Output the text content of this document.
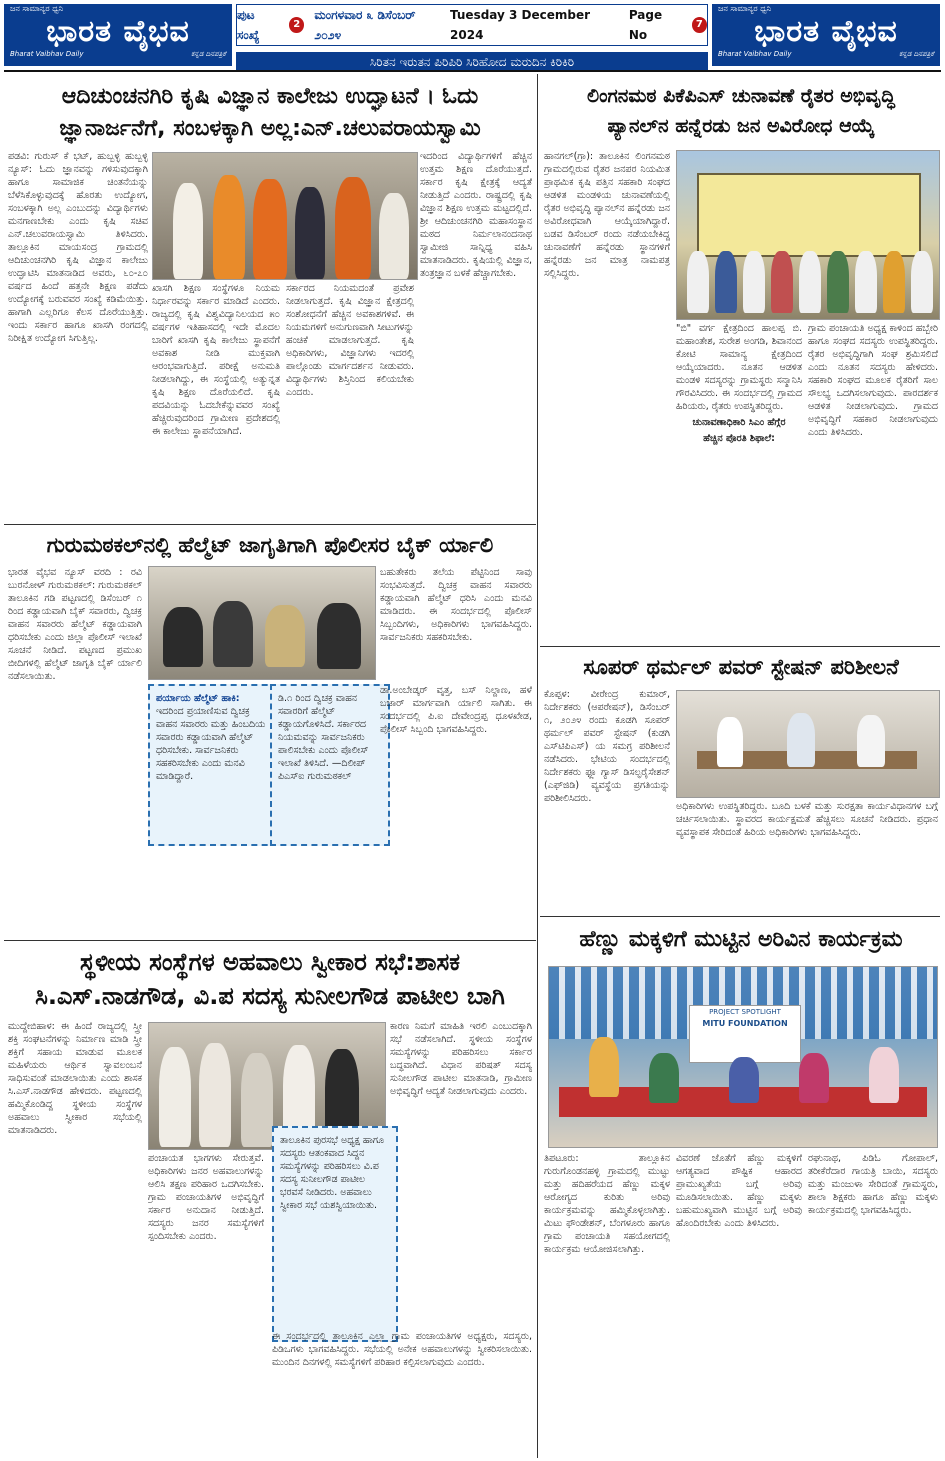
ಜನ ಸಾಮಾನ್ಯರ ಧ್ವನಿ
ಭಾರತ ವೈಭವ
Bharat Vaibhav Daily	ಕನ್ನಡ ದಿನಪತ್ರಿಕೆ
ಪುಟ ಸಂಖ್ಯೆ
2
ಮಂಗಳವಾರ ೩ ಡಿಸೆಂಬರ್ ೨೦೨೪
Tuesday 3 December 2024
Page No
7
ಸಿರಿತನ ಇರುತನ ಪಿರಿಪಿರಿ ಸಿರಿಹೋದ ಮರುದಿನ ಕಿರಿಕಿರಿ
ಜನ ಸಾಮಾನ್ಯರ ಧ್ವನಿ
ಭಾರತ ವೈಭವ
Bharat Vaibhav Daily	ಕನ್ನಡ ದಿನಪತ್ರಿಕೆ
ಆದಿಚುಂಚನಗಿರಿ ಕೃಷಿ ವಿಜ್ಞಾನ ಕಾಲೇಜು ಉದ್ಘಾಟನೆ । ಓದು
ಜ್ಞಾನಾರ್ಜನೆಗೆ, ಸಂಬಳಕ್ಕಾಗಿ ಅಲ್ಲ:ಎನ್.ಚಲುವರಾಯಸ್ವಾಮಿ

ಪಡವಿ: ಗುರುಸ್ ಕೆ ಭಟ್, ಹುಬ್ಬಳ್ಳಿ ಹುಬ್ಬಳ್ಳಿ ನ್ಯೂಸ್: ಓದು ಜ್ಞಾನವನ್ನು ಗಳಿಸುವುದಕ್ಕಾಗಿ ಹಾಗೂ ಸಾಮಾಜಿಕ ಚಿಂತನೆಯನ್ನು ಬೆಳೆಸಿಕೊಳ್ಳುವುದಕ್ಕೆ ಹೊರತು ಉದ್ಯೋಗ, ಸಂಬಳಕ್ಕಾಗಿ ಅಲ್ಲ ಎಂಬುದನ್ನು ವಿದ್ಯಾರ್ಥಿಗಳು ಮನಗಾಣಬೇಕು ಎಂದು ಕೃಷಿ ಸಚಿವ ಎನ್.ಚಲುವರಾಯಸ್ವಾಮಿ ತಿಳಿಸಿದರು. ತಾಲ್ಲೂಕಿನ ಮಾಯಸಂದ್ರ ಗ್ರಾಮದಲ್ಲಿ ಆದಿಚುಂಚನಗಿರಿ ಕೃಷಿ ವಿಜ್ಞಾನ ಕಾಲೇಜು ಉದ್ಘಾಟಿಸಿ ಮಾತನಾಡಿದ ಅವರು, ೬೦-೭೦ ವರ್ಷದ ಹಿಂದೆ ಹತ್ತನೇ ಶಿಕ್ಷಣ ಪಡೆದು ಉದ್ಯೋಗಕ್ಕೆ ಬರುವವರ ಸಂಖ್ಯೆ ಕಡಿಮೆಯಿತ್ತು. ಹಾಗಾಗಿ ಎಲ್ಲರಿಗೂ ಕೆಲಸ ದೊರೆಯುತ್ತಿತ್ತು. ಇಂದು ಸರ್ಕಾರ ಹಾಗೂ ಖಾಸಗಿ ರಂಗದಲ್ಲಿ ನಿರೀಕ್ಷಿತ ಉದ್ಯೋಗ ಸಿಗುತ್ತಿಲ್ಲ.

ಖಾಸಗಿ ಶಿಕ್ಷಣ ಸಂಸ್ಥೆಗಳೂ ನಿಯಮ ನಿರ್ಧಾರವನ್ನು ಸರ್ಕಾರ ಮಾಡಿದೆ ಎಂದರು. ರಾಜ್ಯದಲ್ಲಿ ಕೃಷಿ ವಿಶ್ವವಿದ್ಯಾನಿಲಯದ ೫೦ ವರ್ಷಗಳ ಇತಿಹಾಸದಲ್ಲಿ ಇದೇ ಮೊದಲ ಬಾರಿಗೆ ಖಾಸಗಿ ಕೃಷಿ ಕಾಲೇಜು ಸ್ಥಾಪನೆಗೆ ಅವಕಾಶ ನೀಡಿ ಮುಕ್ತವಾಗಿ ಆರಂಭವಾಗುತ್ತಿದೆ. ಪರೀಕ್ಷೆ ಅನುಮತಿ ನೀಡಲಾಗಿದ್ದು, ಈ ಸಂಸ್ಥೆಯಲ್ಲಿ ಅತ್ಯುನ್ನತ ಕೃಷಿ ಶಿಕ್ಷಣ ದೊರೆಯಲಿದೆ. ಕೃಷಿ ಪದವಿಯನ್ನು ಓದಬೇಕೆನ್ನುವವರ ಸಂಖ್ಯೆ ಹೆಚ್ಚಿರುವುದರಿಂದ ಗ್ರಾಮೀಣ ಪ್ರದೇಶದಲ್ಲಿ ಈ ಕಾಲೇಜು ಸ್ಥಾಪನೆಯಾಗಿದೆ.

ಸರ್ಕಾರದ ನಿಯಮದಂತೆ ಪ್ರವೇಶ ನೀಡಲಾಗುತ್ತದೆ. ಕೃಷಿ ವಿಜ್ಞಾನ ಕ್ಷೇತ್ರದಲ್ಲಿ ಸಂಶೋಧನೆಗೆ ಹೆಚ್ಚಿನ ಅವಕಾಶಗಳಿವೆ. ಈ ನಿಯಮಗಳಿಗೆ ಅನುಗುಣವಾಗಿ ಸೀಟುಗಳನ್ನು ಹಂಚಿಕೆ ಮಾಡಲಾಗುತ್ತದೆ. ಕೃಷಿ ಅಧಿಕಾರಿಗಳು, ವಿಜ್ಞಾನಿಗಳು ಇದರಲ್ಲಿ ಪಾಲ್ಗೊಂಡು ಮಾರ್ಗದರ್ಶನ ನೀಡುವರು. ವಿದ್ಯಾರ್ಥಿಗಳು ಶಿಸ್ತಿನಿಂದ ಕಲಿಯಬೇಕು ಎಂದರು.

ಇದರಿಂದ ವಿದ್ಯಾರ್ಥಿಗಳಿಗೆ ಹೆಚ್ಚಿನ ಉತ್ತಮ ಶಿಕ್ಷಣ ದೊರೆಯುತ್ತದೆ. ಸರ್ಕಾರ ಕೃಷಿ ಕ್ಷೇತ್ರಕ್ಕೆ ಆದ್ಯತೆ ನೀಡುತ್ತಿದೆ ಎಂದರು. ರಾಷ್ಟ್ರದಲ್ಲಿ ಕೃಷಿ ವಿಜ್ಞಾನ ಶಿಕ್ಷಣ ಉತ್ತಮ ಮಟ್ಟದಲ್ಲಿದೆ. ಶ್ರೀ ಆದಿಚುಂಚನಗಿರಿ ಮಹಾಸಂಸ್ಥಾನ ಮಠದ ನಿರ್ಮಲಾನಂದನಾಥ ಸ್ವಾಮೀಜಿ ಸಾನ್ನಿಧ್ಯ ವಹಿಸಿ ಮಾತನಾಡಿದರು. ಕೃಷಿಯಲ್ಲಿ ವಿಜ್ಞಾನ, ತಂತ್ರಜ್ಞಾನ ಬಳಕೆ ಹೆಚ್ಚಾಗಬೇಕು.

ಗುರುಮಠಕಲ್‌ನಲ್ಲಿ ಹೆಲ್ಮೆಟ್ ಜಾಗೃತಿಗಾಗಿ ಪೊಲೀಸರ ಬೈಕ್ ರ್ಯಾಲಿ

ಭಾರತ ವೈಭವ ನ್ಯೂಸ್ ವರದಿ : ರವಿ ಬುರನೋಳ್ ಗುರುಮಠಕಲ್: ಗುರುಮಠಕಲ್ ತಾಲೂಕಿನ ಗಡಿ ಪಟ್ಟಣದಲ್ಲಿ ಡಿಸೆಂಬರ್ ೧ ರಿಂದ ಕಡ್ಡಾಯವಾಗಿ ಬೈಕ್ ಸವಾರರು, ದ್ವಿಚಕ್ರ ವಾಹನ ಸವಾರರು ಹೆಲ್ಮೆಟ್ ಕಡ್ಡಾಯವಾಗಿ ಧರಿಸಬೇಕು ಎಂದು ಜಿಲ್ಲಾ ಪೊಲೀಸ್ ಇಲಾಖೆ ಸೂಚನೆ ನೀಡಿದೆ. ಪಟ್ಟಣದ ಪ್ರಮುಖ ಬೀದಿಗಳಲ್ಲಿ ಹೆಲ್ಮೆಟ್ ಜಾಗೃತಿ ಬೈಕ್ ರ್ಯಾಲಿ ನಡೆಸಲಾಯಿತು.

ಬಹುತೇಕರು ತಲೆಯ ಪೆಟ್ಟಿನಿಂದ ಸಾವು ಸಂಭವಿಸುತ್ತದೆ. ದ್ವಿಚಕ್ರ ವಾಹನ ಸವಾರರು ಕಡ್ಡಾಯವಾಗಿ ಹೆಲ್ಮೆಟ್ ಧರಿಸಿ ಎಂದು ಮನವಿ ಮಾಡಿದರು. ಈ ಸಂದರ್ಭದಲ್ಲಿ ಪೊಲೀಸ್ ಸಿಬ್ಬಂದಿಗಳು, ಅಧಿಕಾರಿಗಳು ಭಾಗವಹಿಸಿದ್ದರು. ಸಾರ್ವಜನಿಕರು ಸಹಕರಿಸಬೇಕು.

ಪರ್ಯಾಯ ಹೆಲ್ಮೆಟ್ ಹಾಕಿ: ಇದರಿಂದ ಪ್ರಯಾಣಿಸುವ ದ್ವಿಚಕ್ರ ವಾಹನ ಸವಾರರು ಮತ್ತು ಹಿಂಬದಿಯ ಸವಾರರು ಕಡ್ಡಾಯವಾಗಿ ಹೆಲ್ಮೆಟ್ ಧರಿಸಬೇಕು. ಸಾರ್ವಜನಿಕರು ಸಹಕರಿಸಬೇಕು ಎಂದು ಮನವಿ ಮಾಡಿದ್ದಾರೆ.
ಡಿ.೧ ರಿಂದ ದ್ವಿಚಕ್ರ ವಾಹನ ಸವಾರರಿಗೆ ಹೆಲ್ಮೆಟ್ ಕಡ್ಡಾಯಗೊಳಿಸಿದೆ. ಸರ್ಕಾರದ ನಿಯಮವನ್ನು ಸಾರ್ವಜನಿಕರು ಪಾಲಿಸಬೇಕು ಎಂದು ಪೊಲೀಸ್ ಇಲಾಖೆ ತಿಳಿಸಿದೆ. —ದಿಲೀಪ್ ಪಿಎಸ್ಐ ಗುರುಮಠಕಲ್

ಡಾ.ಅಂಬೇಡ್ಕರ್ ವೃತ್ತ, ಬಸ್ ನಿಲ್ದಾಣ, ಹಳೆ ಬಜಾರ್ ಮಾರ್ಗವಾಗಿ ರ್ಯಾಲಿ ಸಾಗಿತು. ಈ ಸಂದರ್ಭದಲ್ಲಿ ಪಿ.ಐ ದೇವೇಂದ್ರಪ್ಪ ಧೂಳಖೇಡ, ಪೊಲೀಸ್ ಸಿಬ್ಬಂದಿ ಭಾಗವಹಿಸಿದ್ದರು.

ಸ್ಥಳೀಯ ಸಂಸ್ಥೆಗಳ ಅಹವಾಲು ಸ್ವೀಕಾರ ಸಭೆ:ಶಾಸಕ
ಸಿ.ಎಸ್.ನಾಡಗೌಡ, ವಿ.ಪ ಸದಸ್ಯ ಸುನೀಲಗೌಡ ಪಾಟೀಲ ಬಾಗಿ

ಮುದ್ದೇಬಿಹಾಳ: ಈ ಹಿಂದೆ ರಾಜ್ಯದಲ್ಲಿ ಸ್ತ್ರೀ ಶಕ್ತಿ ಸಂಘಟನೆಗಳನ್ನು ನಿರ್ಮಾಣ ಮಾಡಿ ಸ್ತ್ರೀ ಶಕ್ತಿಗೆ ಸಹಾಯ ಮಾಡುವ ಮೂಲಕ ಮಹಿಳೆಯರು ಆರ್ಥಿಕ ಸ್ವಾವಲಂಬನೆ ಸಾಧಿಸುವಂತೆ ಮಾಡಲಾಯಿತು ಎಂದು ಶಾಸಕ ಸಿ.ಎಸ್.ನಾಡಗೌಡ ಹೇಳಿದರು. ಪಟ್ಟಣದಲ್ಲಿ ಹಮ್ಮಿಕೊಂಡಿದ್ದ ಸ್ಥಳೀಯ ಸಂಸ್ಥೆಗಳ ಅಹವಾಲು ಸ್ವೀಕಾರ ಸಭೆಯಲ್ಲಿ ಮಾತನಾಡಿದರು.

ಪಂಚಾಯತ ಭಾಗಗಳು ಸೇರುತ್ತವೆ. ಅಧಿಕಾರಿಗಳು ಜನರ ಅಹವಾಲುಗಳನ್ನು ಆಲಿಸಿ ತಕ್ಷಣ ಪರಿಹಾರ ಒದಗಿಸಬೇಕು. ಗ್ರಾಮ ಪಂಚಾಯತಿಗಳ ಅಭಿವೃದ್ಧಿಗೆ ಸರ್ಕಾರ ಅನುದಾನ ನೀಡುತ್ತಿದೆ. ಸದಸ್ಯರು ಜನರ ಸಮಸ್ಯೆಗಳಿಗೆ ಸ್ಪಂದಿಸಬೇಕು ಎಂದರು.

ತಾಲೂಕಿನ ಪುರಸಭೆ ಅಧ್ಯಕ್ಷ ಹಾಗೂ ಸದಸ್ಯರು ಆತಂಕವಾದ ಸಿದ್ದನ ಸಮಸ್ಯೆಗಳನ್ನು ಪರಿಹರಿಸಲು ವಿ.ಪ ಸದಸ್ಯ ಸುನೀಲಗೌಡ ಪಾಟೀಲ ಭರವಸೆ ನೀಡಿದರು. ಅಹವಾಲು ಸ್ವೀಕಾರ ಸಭೆ ಯಶಸ್ವಿಯಾಯಿತು.

ಕಾರಣ ನಿಮಗೆ ಮಾಹಿತಿ ಇರಲಿ ಎಂಬುದಕ್ಕಾಗಿ ಸಭೆ ನಡೆಸಲಾಗಿದೆ. ಸ್ಥಳೀಯ ಸಂಸ್ಥೆಗಳ ಸಮಸ್ಯೆಗಳನ್ನು ಪರಿಹರಿಸಲು ಸರ್ಕಾರ ಬದ್ಧವಾಗಿದೆ. ವಿಧಾನ ಪರಿಷತ್ ಸದಸ್ಯ ಸುನೀಲಗೌಡ ಪಾಟೀಲ ಮಾತನಾಡಿ, ಗ್ರಾಮೀಣ ಅಭಿವೃದ್ಧಿಗೆ ಆದ್ಯತೆ ನೀಡಲಾಗುವುದು ಎಂದರು.

ಈ ಸಂದರ್ಭದಲ್ಲಿ ತಾಲೂಕಿನ ಎಲ್ಲಾ ಗ್ರಾಮ ಪಂಚಾಯತಿಗಳ ಅಧ್ಯಕ್ಷರು, ಸದಸ್ಯರು, ಪಿಡಿಒಗಳು ಭಾಗವಹಿಸಿದ್ದರು. ಸಭೆಯಲ್ಲಿ ಅನೇಕ ಅಹವಾಲುಗಳನ್ನು ಸ್ವೀಕರಿಸಲಾಯಿತು. ಮುಂದಿನ ದಿನಗಳಲ್ಲಿ ಸಮಸ್ಯೆಗಳಿಗೆ ಪರಿಹಾರ ಕಲ್ಪಿಸಲಾಗುವುದು ಎಂದರು.

ಲಿಂಗನಮಠ ಪಿಕೆಪಿಎಸ್ ಚುನಾವಣೆ ರೈತರ ಅಭಿವೃದ್ಧಿ
ಪ್ಯಾನಲ್‌ನ ಹನ್ನೆರಡು ಜನ ಅವಿರೋಧ ಆಯ್ಕೆ

ಹಾನಗಲ್(ಗ್ರಾ): ತಾಲೂಕಿನ ಲಿಂಗನಮಠ ಗ್ರಾಮದಲ್ಲಿರುವ ರೈತರ ಜನಪರ ನಿಯಮಿತ ಪ್ರಾಥಮಿಕ ಕೃಷಿ ಪತ್ತಿನ ಸಹಕಾರಿ ಸಂಘದ ಆಡಳಿತ ಮಂಡಳಿಯ ಚುನಾವಣೆಯಲ್ಲಿ ರೈತರ ಅಭಿವೃದ್ಧಿ ಪ್ಯಾನಲ್‌ನ ಹನ್ನೆರಡು ಜನ ಅವಿರೋಧವಾಗಿ ಆಯ್ಕೆಯಾಗಿದ್ದಾರೆ. ಬಡವ ಡಿಸೆಂಬರ್ ರಂದು ನಡೆಯಬೇಕಿದ್ದ ಚುನಾವಣೆಗೆ ಹನ್ನೆರಡು ಸ್ಥಾನಗಳಿಗೆ ಹನ್ನೆರಡು ಜನ ಮಾತ್ರ ನಾಮಪತ್ರ ಸಲ್ಲಿಸಿದ್ದರು.

"ಬಿ" ವರ್ಗ ಕ್ಷೇತ್ರದಿಂದ ಹಾಲಪ್ಪ ಬಿ. ಮಹಾಂತೇಶ, ಸುರೇಶ ಅಂಗಡಿ, ಶಿವಾನಂದ ಕೋಟಿ ಸಾಮಾನ್ಯ ಕ್ಷೇತ್ರದಿಂದ ಆಯ್ಕೆಯಾದರು. ನೂತನ ಆಡಳಿತ ಮಂಡಳಿ ಸದಸ್ಯರನ್ನು ಗ್ರಾಮಸ್ಥರು ಸನ್ಮಾನಿಸಿ ಗೌರವಿಸಿದರು. ಈ ಸಂದರ್ಭದಲ್ಲಿ ಗ್ರಾಮದ ಹಿರಿಯರು, ರೈತರು ಉಪಸ್ಥಿತರಿದ್ದರು.

ಚುನಾವಣಾಧಿಕಾರಿ ಸಿಎಂ ಹೆಗ್ಗೆರ

ಹೆಚ್ಚಿನ ಪೊರತಿ ಶಿಫಾಲೆ:

ಗ್ರಾಮ ಪಂಚಾಯತಿ ಅಧ್ಯಕ್ಷ ಕಾಳಿಂದ ಹಬ್ಬೇರಿ ಹಾಗೂ ಸಂಘದ ಸದಸ್ಯರು ಉಪಸ್ಥಿತರಿದ್ದರು. ರೈತರ ಅಭಿವೃದ್ಧಿಗಾಗಿ ಸಂಘ ಶ್ರಮಿಸಲಿದೆ ಎಂದು ನೂತನ ಸದಸ್ಯರು ಹೇಳಿದರು. ಸಹಕಾರಿ ಸಂಘದ ಮೂಲಕ ರೈತರಿಗೆ ಸಾಲ ಸೌಲಭ್ಯ ಒದಗಿಸಲಾಗುವುದು. ಪಾರದರ್ಶಕ ಆಡಳಿತ ನೀಡಲಾಗುವುದು. ಗ್ರಾಮದ ಅಭಿವೃದ್ಧಿಗೆ ಸಹಕಾರ ನೀಡಲಾಗುವುದು ಎಂದು ತಿಳಿಸಿದರು.

ಸೂಪರ್ ಥರ್ಮಲ್ ಪವರ್ ಸ್ಟೇಷನ್ ಪರಿಶೀಲನೆ

ಕೊಪ್ಪಳ: ವೀರೇಂದ್ರ ಕುಮಾರ್, ನಿರ್ದೇಶಕರು (ಆಪರೇಷನ್), ಡಿಸೆಂಬರ್ ೧, ೨೦೨೪ ರಂದು ಕೂಡಗಿ ಸೂಪರ್ ಥರ್ಮಲ್ ಪವರ್ ಸ್ಟೇಷನ್ (ಕುಡಗಿ ಎಸ್‌ಟಿಪಿಎಸ್) ಯ ಸಮಗ್ರ ಪರಿಶೀಲನೆ ನಡೆಸಿದರು. ಭೇಟಿಯ ಸಂದರ್ಭದಲ್ಲಿ ನಿರ್ದೇಶಕರು ಫ್ಲೂ ಗ್ಯಾಸ್ ಡಿಸಲ್ಫರೈಸೇಶನ್ (ಎಫ್‌ಜಿಡಿ) ವ್ಯವಸ್ಥೆಯ ಪ್ರಗತಿಯನ್ನು ಪರಿಶೀಲಿಸಿದರು.

ಅಧಿಕಾರಿಗಳು ಉಪಸ್ಥಿತರಿದ್ದರು. ಬೂದಿ ಬಳಕೆ ಮತ್ತು ಸುರಕ್ಷತಾ ಕಾರ್ಯವಿಧಾನಗಳ ಬಗ್ಗೆ ಚರ್ಚಿಸಲಾಯಿತು. ಸ್ಥಾವರದ ಕಾರ್ಯಕ್ಷಮತೆ ಹೆಚ್ಚಿಸಲು ಸೂಚನೆ ನೀಡಿದರು. ಪ್ರಧಾನ ವ್ಯವಸ್ಥಾಪಕ ಸೇರಿದಂತೆ ಹಿರಿಯ ಅಧಿಕಾರಿಗಳು ಭಾಗವಹಿಸಿದ್ದರು.

ಹೆಣ್ಣು ಮಕ್ಕಳಿಗೆ ಮುಟ್ಟಿನ ಅರಿವಿನ ಕಾರ್ಯಕ್ರಮ
PROJECT SPOTLIGHT
MITU FOUNDATION

ತಿಪಟೂರು: ತಾಲ್ಲೂಕಿನ ಗುರುಗೊಂಡನಹಳ್ಳಿ ಗ್ರಾಮದಲ್ಲಿ ಮುಟ್ಟು ಮತ್ತು ಹದಿಹರೆಯದ ಹೆಣ್ಣು ಮಕ್ಕಳ ಆರೋಗ್ಯದ ಕುರಿತು ಅರಿವು ಕಾರ್ಯಕ್ರಮವನ್ನು ಹಮ್ಮಿಕೊಳ್ಳಲಾಗಿತ್ತು. ಮಿಟು ಫೌಂಡೇಶನ್, ಬೆಂಗಳೂರು ಹಾಗೂ ಗ್ರಾಮ ಪಂಚಾಯತಿ ಸಹಯೋಗದಲ್ಲಿ ಕಾರ್ಯಕ್ರಮ ಆಯೋಜಿಸಲಾಗಿತ್ತು.

ವಿವರಣೆ ಜೊತೆಗೆ ಹೆಣ್ಣು ಮಕ್ಕಳಿಗೆ ಆಗತ್ಯವಾದ ಪೌಷ್ಟಿಕ ಆಹಾರದ ಪ್ರಾಮುಖ್ಯತೆಯ ಬಗ್ಗೆ ಅರಿವು ಮೂಡಿಸಲಾಯಿತು. ಹೆಣ್ಣು ಮಕ್ಕಳು ಬಹುಮುಖ್ಯವಾಗಿ ಮುಟ್ಟಿನ ಬಗ್ಗೆ ಅರಿವು ಹೊಂದಿರಬೇಕು ಎಂದು ತಿಳಿಸಿದರು.

ರಘುನಾಥ, ಪಿಡಿಓ ಗೋಪಾಲ್, ತರೀಕೆರೆದಾರ ಗಾಯತ್ರಿ ಬಾಯಿ, ಸದಸ್ಯರು ಮತ್ತು ಮಂಜುಳಾ ಸೇರಿದಂತೆ ಗ್ರಾಮಸ್ಥರು, ಶಾಲಾ ಶಿಕ್ಷಕರು ಹಾಗೂ ಹೆಣ್ಣು ಮಕ್ಕಳು ಕಾರ್ಯಕ್ರಮದಲ್ಲಿ ಭಾಗವಹಿಸಿದ್ದರು.
